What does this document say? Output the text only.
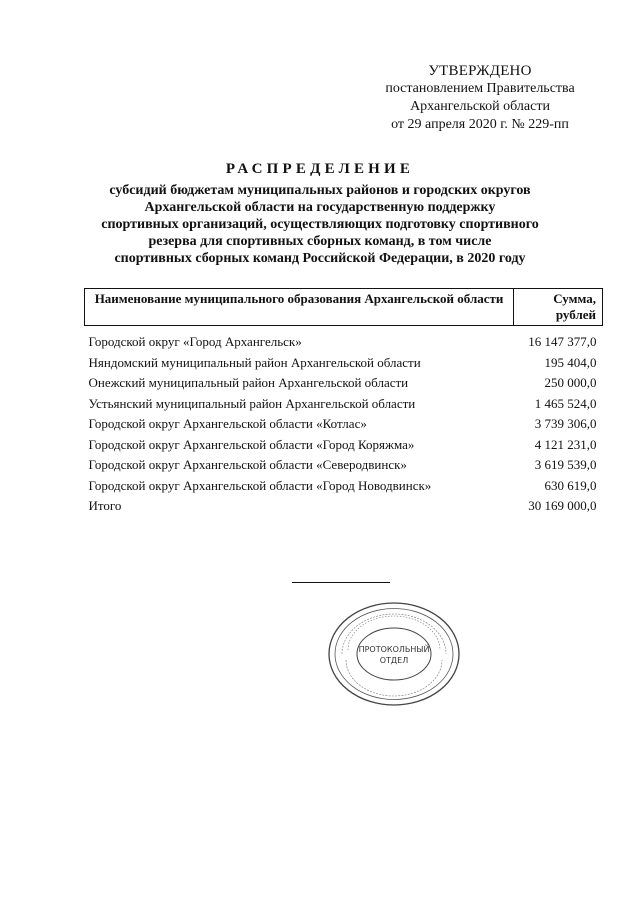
УТВЕРЖДЕНО
постановлением Правительства
Архангельской области
от 29 апреля 2020 г. № 229-пп
РАСПРЕДЕЛЕНИЕ
субсидий бюджетам муниципальных районов и городских округов
Архангельской области на государственную поддержку
спортивных организаций, осуществляющих подготовку спортивного
резерва для спортивных сборных команд, в том числе
спортивных сборных команд Российской Федерации, в 2020 году
Наименование муниципального образования Архангельской области	Сумма,
рублей

Городской округ «Город Архангельск»	16 147 377,0
Няндомский муниципальный район Архангельской области	195 404,0
Онежский муниципальный район Архангельской области	250 000,0
Устьянский муниципальный район Архангельской области	1 465 524,0
Городской округ Архангельской области «Котлас»	3 739 306,0
Городской округ Архангельской области «Город Коряжма»	4 121 231,0
Городской округ Архангельской области «Северодвинск»	3 619 539,0
Городской округ Архангельской области «Город Новодвинск»	630 619,0
Итого	30 169 000,0
ПРОТОКОЛЬНЫЙ
ОТДЕЛ
